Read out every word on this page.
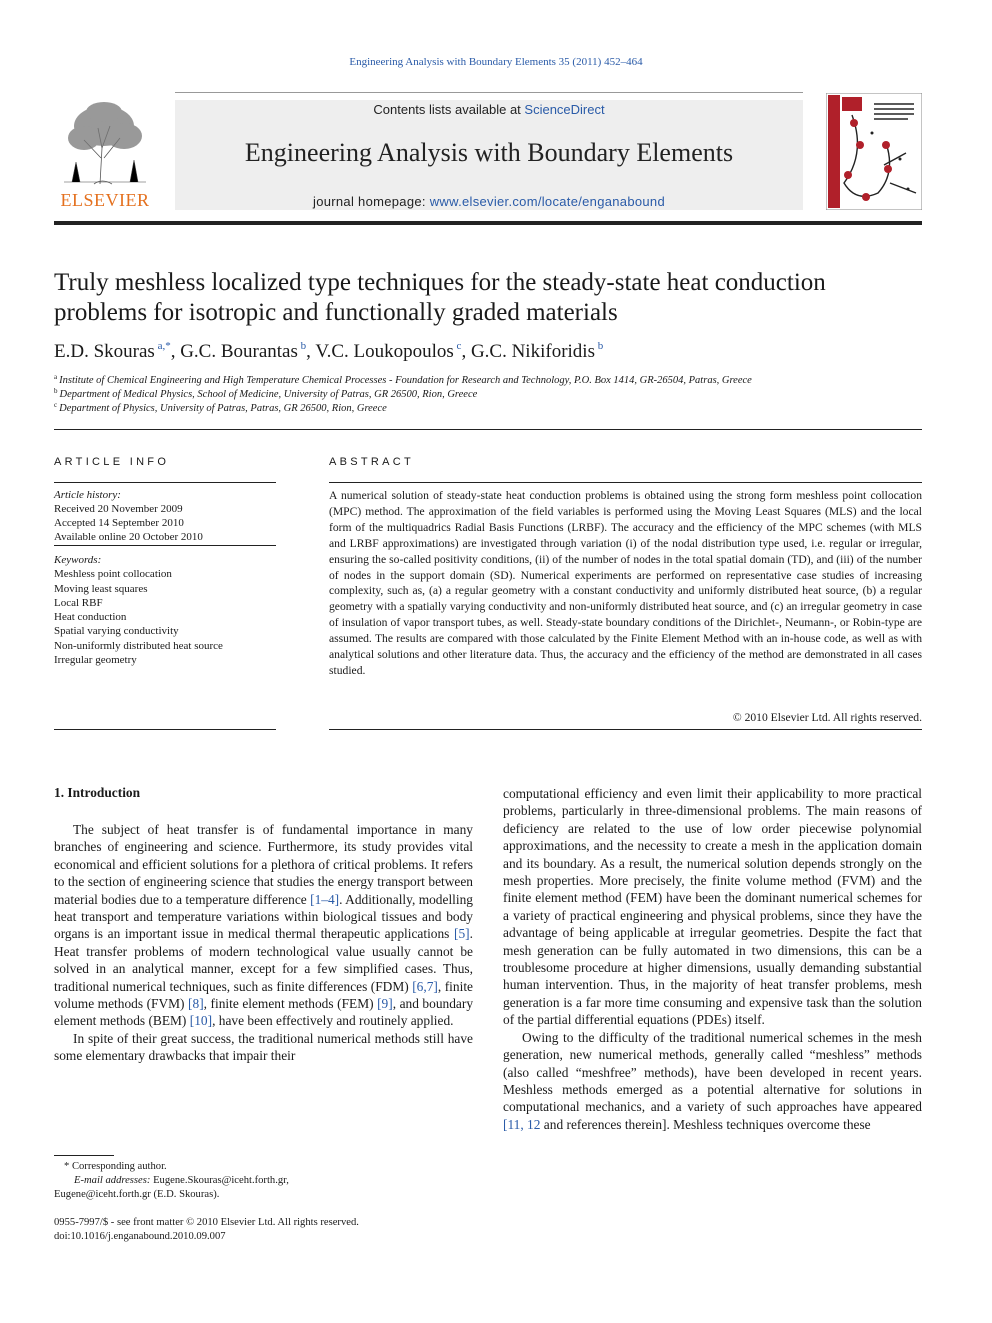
Engineering Analysis with Boundary Elements 35 (2011) 452–464
ELSEVIER
Contents lists available at ScienceDirect
Engineering Analysis with Boundary Elements
journal homepage: www.elsevier.com/locate/enganabound
Truly meshless localized type techniques for the steady-state heat conduction problems for isotropic and functionally graded materials
E.D. Skouras $^{a,*}$, G.C. Bourantas $^b$, V.C. Loukopoulos $^c$, G.C. Nikiforidis $^b$
$^a$ Institute of Chemical Engineering and High Temperature Chemical Processes - Foundation for Research and Technology, P.O. Box 1414, GR-26504, Patras, Greece
$^b$ Department of Medical Physics, School of Medicine, University of Patras, GR 26500, Rion, Greece
$^c$ Department of Physics, University of Patras, Patras, GR 26500, Rion, Greece
ARTICLE INFO
Article history:
Received 20 November 2009
Accepted 14 September 2010
Available online 20 October 2010
Keywords:
Meshless point collocation
Moving least squares
Local RBF
Heat conduction
Spatial varying conductivity
Non-uniformly distributed heat source
Irregular geometry
ABSTRACT
A numerical solution of steady-state heat conduction problems is obtained using the strong form meshless point collocation (MPC) method. The approximation of the field variables is performed using the Moving Least Squares (MLS) and the local form of the multiquadrics Radial Basis Functions (LRBF). The accuracy and the efficiency of the MPC schemes (with MLS and LRBF approximations) are investigated through variation (i) of the nodal distribution type used, i.e. regular or irregular, ensuring the so-called positivity conditions, (ii) of the number of nodes in the total spatial domain (TD), and (iii) of the number of nodes in the support domain (SD). Numerical experiments are performed on representative case studies of increasing complexity, such as, (a) a regular geometry with a constant conductivity and uniformly distributed heat source, (b) a regular geometry with a spatially varying conductivity and non-uniformly distributed heat source, and (c) an irregular geometry in case of insulation of vapor transport tubes, as well. Steady-state boundary conditions of the Dirichlet-, Neumann-, or Robin-type are assumed. The results are compared with those calculated by the Finite Element Method with an in-house code, as well as with analytical solutions and other literature data. Thus, the accuracy and the efficiency of the method are demonstrated in all cases studied.
© 2010 Elsevier Ltd. All rights reserved.
1. Introduction

The subject of heat transfer is of fundamental importance in many branches of engineering and science. Furthermore, its study provides vital economical and efficient solutions for a plethora of critical problems. It refers to the section of engineering science that studies the energy transport between material bodies due to a temperature difference [1–4]. Additionally, modelling heat transport and temperature variations within biological tissues and body organs is an important issue in medical thermal therapeutic applications [5]. Heat transfer problems of modern technological value usually cannot be solved in an analytical manner, except for a few simplified cases. Thus, traditional numerical techniques, such as finite differences (FDM) [6,7], finite volume methods (FVM) [8], finite element methods (FEM) [9], and boundary element methods (BEM) [10], have been effectively and routinely applied.

In spite of their great success, the traditional numerical methods still have some elementary drawbacks that impair their

computational efficiency and even limit their applicability to more practical problems, particularly in three-dimensional problems. The main reasons of deficiency are related to the use of low order piecewise polynomial approximations, and the necessity to create a mesh in the application domain and its boundary. As a result, the numerical solution depends strongly on the mesh properties. More precisely, the finite volume method (FVM) and the finite element method (FEM) have been the dominant numerical schemes for a variety of practical engineering and physical problems, since they have the advantage of being applicable at irregular geometries. Despite the fact that mesh generation can be fully automated in two dimensions, this can be a troublesome procedure at higher dimensions, usually demanding substantial human intervention. Thus, in the majority of heat transfer problems, mesh generation is a far more time consuming and expensive task than the solution of the partial differential equations (PDEs) itself.

Owing to the difficulty of the traditional numerical schemes in the mesh generation, new numerical methods, generally called “meshless” methods (also called “meshfree” methods), have been developed in recent years. Meshless methods emerged as a potential alternative for solutions in computational mechanics, and a variety of such approaches have appeared [11, 12 and references therein]. Meshless techniques overcome these

* Corresponding author.
E-mail addresses: Eugene.Skouras@iceht.forth.gr,
Eugene@iceht.forth.gr (E.D. Skouras).
0955-7997/$ - see front matter © 2010 Elsevier Ltd. All rights reserved.
doi:10.1016/j.enganabound.2010.09.007
